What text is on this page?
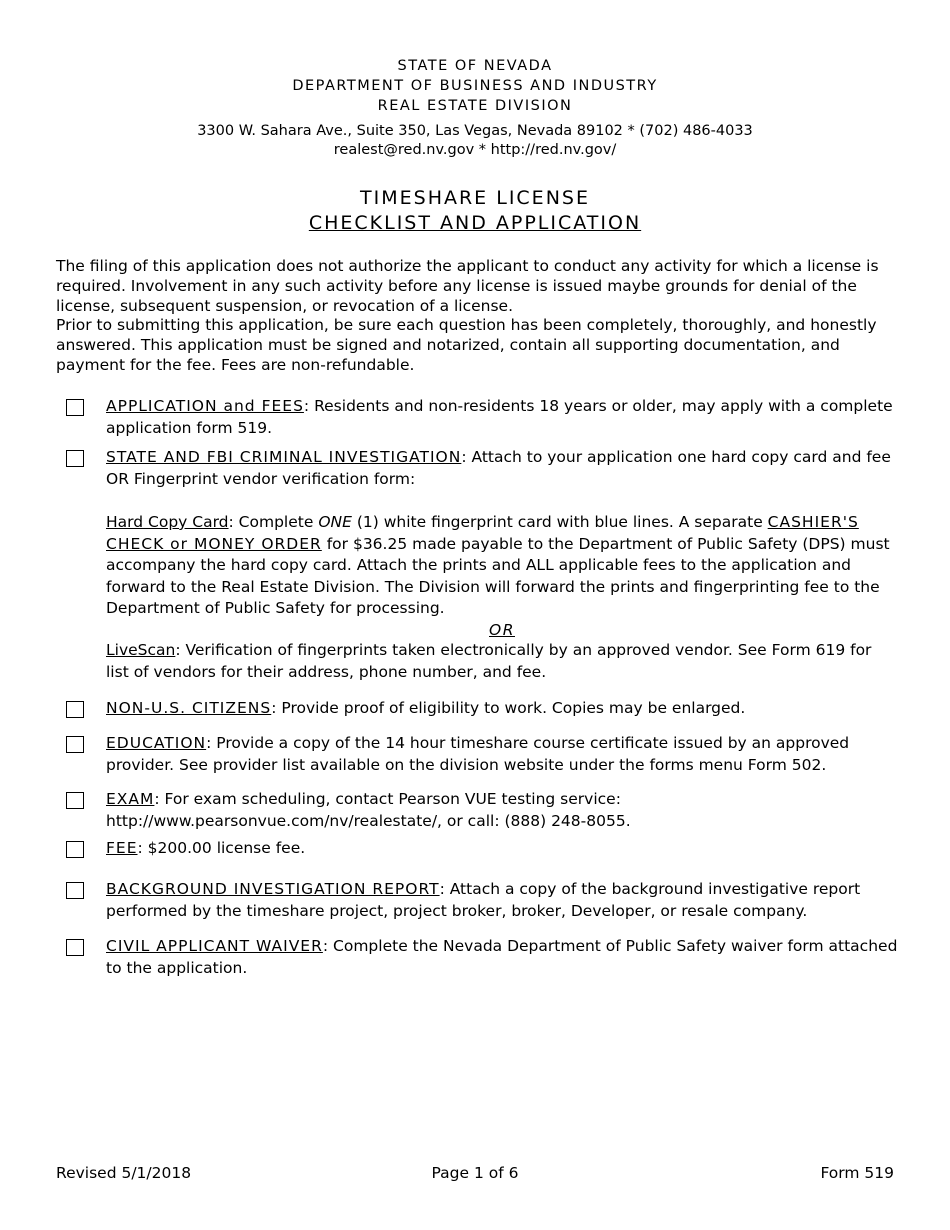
STATE OF NEVADA
DEPARTMENT OF BUSINESS AND INDUSTRY
REAL ESTATE DIVISION
3300 W. Sahara Ave., Suite 350, Las Vegas, Nevada 89102 * (702) 486-4033
realest@red.nv.gov * http://red.nv.gov/
TIMESHARE LICENSE
CHECKLIST AND APPLICATION
The filing of this application does not authorize the applicant to conduct any activity for which a license is required. Involvement in any such activity before any license is issued maybe grounds for denial of the license, subsequent suspension, or revocation of a license.
Prior to submitting this application, be sure each question has been completely, thoroughly, and honestly answered. This application must be signed and notarized, contain all supporting documentation, and payment for the fee. Fees are non-refundable.
APPLICATION and FEES: Residents and non-residents 18 years or older, may apply with a complete application form 519.
STATE AND FBI CRIMINAL INVESTIGATION: Attach to your application one hard copy card and fee OR Fingerprint vendor verification form:
Hard Copy Card: Complete ONE (1) white fingerprint card with blue lines. A separate CASHIER'S CHECK or MONEY ORDER for $36.25 made payable to the Department of Public Safety (DPS) must accompany the hard copy card. Attach the prints and ALL applicable fees to the application and forward to the Real Estate Division. The Division will forward the prints and fingerprinting fee to the Department of Public Safety for processing.
OR
LiveScan: Verification of fingerprints taken electronically by an approved vendor. See Form 619 for list of vendors for their address, phone number, and fee.
NON-U.S. CITIZENS: Provide proof of eligibility to work. Copies may be enlarged.
EDUCATION: Provide a copy of the 14 hour timeshare course certificate issued by an approved provider. See provider list available on the division website under the forms menu Form 502.
EXAM: For exam scheduling, contact Pearson VUE testing service: http://www.pearsonvue.com/nv/realestate/, or call: (888) 248-8055.
FEE: $200.00 license fee.
BACKGROUND INVESTIGATION REPORT: Attach a copy of the background investigative report performed by the timeshare project, project broker, broker, Developer, or resale company.
CIVIL APPLICANT WAIVER: Complete the Nevada Department of Public Safety waiver form attached to the application.
Revised 5/1/2018	Page 1 of 6	Form 519
